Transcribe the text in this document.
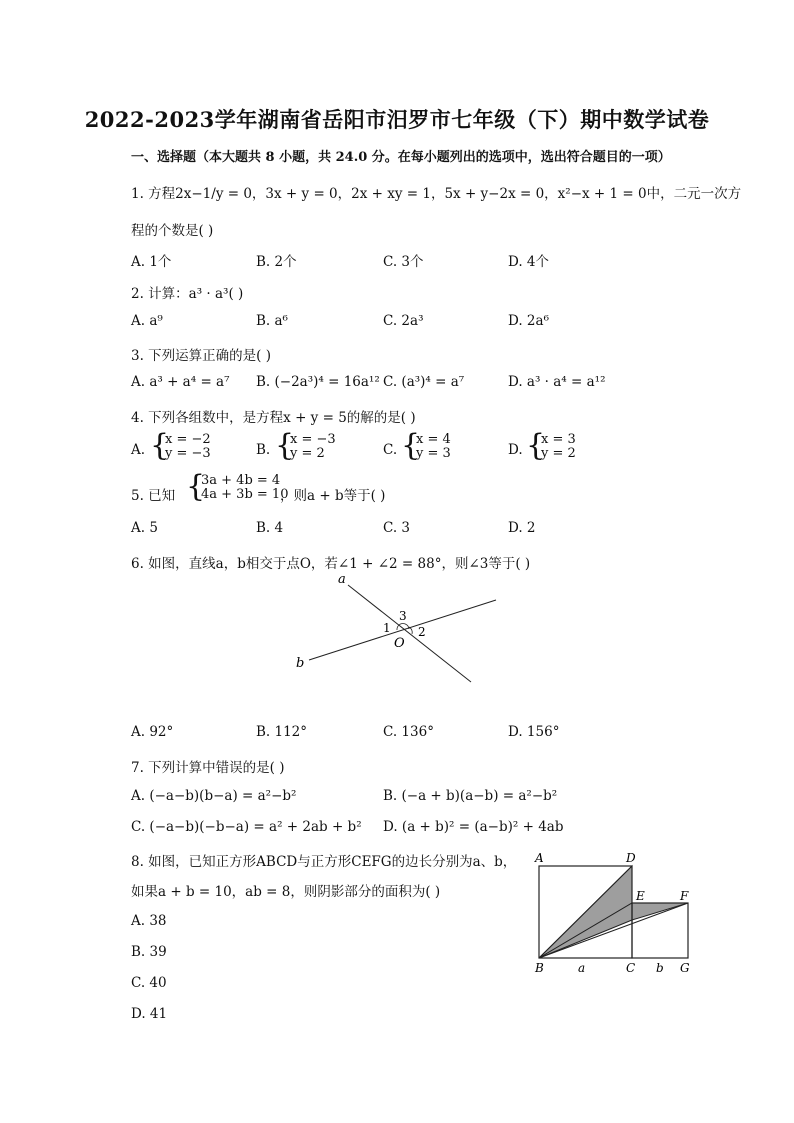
2022-2023学年湖南省岳阳市汨罗市七年级（下）期中数学试卷
一、选择题（本大题共 8 小题，共 24.0 分。在每小题列出的选项中，选出符合题目的一项）
1. 方程2x−1/y = 0，3x + y = 0，2x + xy = 1，5x + y−2x = 0，x²−x + 1 = 0中，二元一次方
程的个数是( )
A. 1个	B. 2个	C. 3个	D. 4个
2. 计算：a³ · a³( )
A. a⁹	B. a⁶	C. 2a³	D. 2a⁶
3. 下列运算正确的是( )
A. a³ + a⁴ = a⁷ B. (−2a³)⁴ = 16a¹² C. (a³)⁴ = a⁷	D. a³ · a⁴ = a¹²
4. 下列各组数中，是方程x + y = 5的解的是( )
A. {
x = −2
y = −3	B. {
x = −3
y = 2	C. {
x = 4
y = 3	D. {
x = 3
y = 2
5. 已知 {
3a + 4b = 4
4a + 3b = 10
，则a + b等于( )
A. 5	B. 4	C. 3	D. 2
6. 如图，直线a，b相交于点O，若∠1 + ∠2 = 88°，则∠3等于( )
a
b
O
1 2
3
A. 92°	B. 112°	C. 136°	D. 156°
7. 下列计算中错误的是( )
A. (−a−b)(b−a) = a²−b²	B. (−a + b)(a−b) = a²−b²
C. (−a−b)(−b−a) = a² + 2ab + b² D. (a + b)² = (a−b)² + 4ab
8. 如图，已知正方形ABCD与正方形CEFG的边长分别为a、b，
如果a + b = 10，ab = 8，则阴影部分的面积为( )
A. 38
B. 39
C. 40
D. 41
A	D
E	F
B	C	G
a	b
